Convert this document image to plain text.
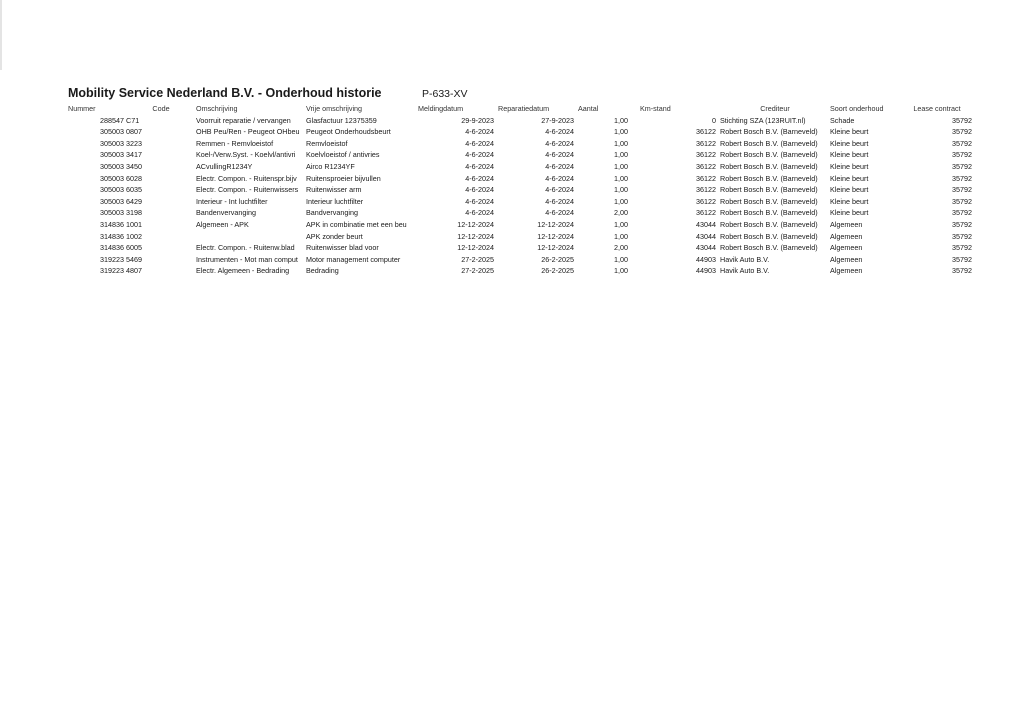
Mobility Service Nederland B.V. - Onderhoud historie	P-633-XV
Nummer	Code	Omschrijving	Vrije omschrijving	Meldingdatum	Reparatiedatum	Aantal	Km-stand	Crediteur	Soort onderhoud	Lease contract
288547	C71	Voorruit reparatie / vervangen	Glasfactuur 12375359	29-9-2023	27-9-2023	1,00	0	Stichting SZA (123RUIT.nl)	Schade	35792
305003	0807	OHB Peu/Ren - Peugeot OHbeu	Peugeot Onderhoudsbeurt	4-6-2024	4-6-2024	1,00	36122	Robert Bosch B.V. (Barneveld)	Kleine beurt	35792
305003	3223	Remmen - Remvloeistof	Remvloeistof	4-6-2024	4-6-2024	1,00	36122	Robert Bosch B.V. (Barneveld)	Kleine beurt	35792
305003	3417	Koel-/Verw.Syst. - Koelvl/antivri	Koelvloeistof / antivries	4-6-2024	4-6-2024	1,00	36122	Robert Bosch B.V. (Barneveld)	Kleine beurt	35792
305003	3450	ACvullingR1234Y	Airco R1234YF	4-6-2024	4-6-2024	1,00	36122	Robert Bosch B.V. (Barneveld)	Kleine beurt	35792
305003	6028	Electr. Compon. - Ruitenspr.bijv	Ruitensproeier bijvullen	4-6-2024	4-6-2024	1,00	36122	Robert Bosch B.V. (Barneveld)	Kleine beurt	35792
305003	6035	Electr. Compon. - Ruitenwissers	Ruitenwisser arm	4-6-2024	4-6-2024	1,00	36122	Robert Bosch B.V. (Barneveld)	Kleine beurt	35792
305003	6429	Interieur - Int luchtfilter	Interieur luchtfilter	4-6-2024	4-6-2024	1,00	36122	Robert Bosch B.V. (Barneveld)	Kleine beurt	35792
305003	3198	Bandenvervanging	Bandvervanging	4-6-2024	4-6-2024	2,00	36122	Robert Bosch B.V. (Barneveld)	Kleine beurt	35792
314836	1001	Algemeen - APK	APK in combinatie met een beu	12-12-2024	12-12-2024	1,00	43044	Robert Bosch B.V. (Barneveld)	Algemeen	35792
314836	1002		APK zonder beurt	12-12-2024	12-12-2024	1,00	43044	Robert Bosch B.V. (Barneveld)	Algemeen	35792
314836	6005	Electr. Compon. - Ruitenw.blad	Ruitenwisser blad voor	12-12-2024	12-12-2024	2,00	43044	Robert Bosch B.V. (Barneveld)	Algemeen	35792
319223	5469	Instrumenten - Mot man comput	Motor management computer	27-2-2025	26-2-2025	1,00	44903	Havik Auto B.V.	Algemeen	35792
319223	4807	Electr. Algemeen - Bedrading	Bedrading	27-2-2025	26-2-2025	1,00	44903	Havik Auto B.V.	Algemeen	35792
